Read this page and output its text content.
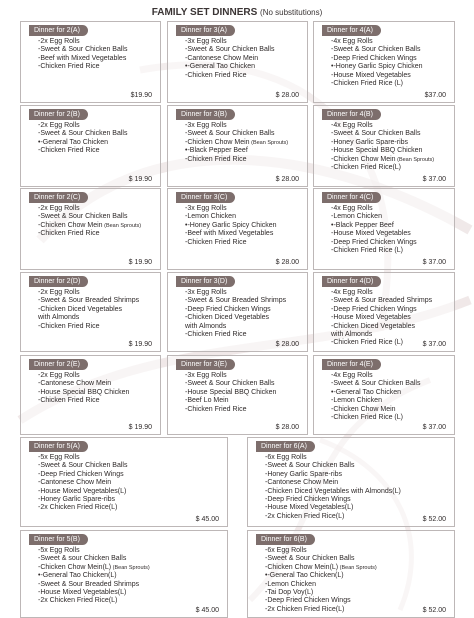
FAMILY SET DINNERS (No substitutions)
Dinner for 2(A)
-2x Egg Rolls
-Sweet & Sour Chicken Balls
-Beef with Mixed Vegetables
-Chicken Fried Rice
$19.90
Dinner for 3(A)
-3x Egg Rolls
-Sweet & Sour Chicken Balls
-Cantonese Chow Mein
•-General Tao Chicken
-Chicken Fried Rice
$ 28.00
Dinner for 4(A)
-4x Egg Rolls
-Sweet & Sour Chicken Balls
-Deep Fried Chicken Wings
•-Honey Garlic Spicy Chicken
-House Mixed Vegetables
-Chicken Fried Rice (L)
$37.00
Dinner for 2(B)
-2x Egg Rolls
-Sweet & Sour Chicken Balls
•-General Tao Chicken
-Chicken Fried Rice
$ 19.90
Dinner for 3(B)
-3x Egg Rolls
-Sweet & Sour Chicken Balls
-Chicken Chow Mein (Bean Sprouts)
•-Black Pepper Beef
-Chicken Fried Rice
$ 28.00
Dinner for 4(B)
-4x Egg Rolls
-Sweet & Sour Chicken Balls
-Honey Garlic Spare-ribs
-House Special BBQ Chicken
-Chicken Chow Mein (Bean Sprouts)
-Chicken Fried Rice(L)
$ 37.00
Dinner for 2(C)
-2x Egg Rolls
-Sweet & Sour Chicken Balls
-Chicken Chow Mein (Bean Sprouts)
-Chicken Fried Rice
$ 19.90
Dinner for 3(C)
-3x Egg Rolls
-Lemon Chicken
•-Honey Garlic Spicy Chicken
-Beef with Mixed Vegetables
-Chicken Fried Rice
$ 28.00
Dinner for 4(C)
-4x Egg Rolls
-Lemon Chicken
•-Black Pepper Beef
-House Mixed Vegetables
-Deep Fried Chicken Wings
-Chicken Fried Rice (L)
$ 37.00
Dinner for 2(D)
-2x Egg Rolls
-Sweet & Sour Breaded Shrimps
-Chicken Diced Vegetables
with Almonds
-Chicken Fried Rice
$ 19.90
Dinner for 3(D)
-3x Egg Rolls
-Sweet & Sour Breaded Shrimps
-Deep Fried Chicken Wings
-Chicken Diced Vegetables
with Almonds
-Chicken Fried Rice
$ 28.00
Dinner for 4(D)
-4x Egg Rolls
-Sweet & Sour Breaded Shrimps
-Deep Fried Chicken Wings
-House Mixed Vegetables
-Chicken Diced Vegetables
with Almonds
-Chicken Fried Rice (L)	$ 37.00
Dinner for 2(E)
-2x Egg Rolls
-Cantonese Chow Mein
-House Special BBQ Chicken
-Chicken Fried Rice
$ 19.90
Dinner for 3(E)
-3x Egg Rolls
-Sweet & Sour Chicken Balls
-House Special BBQ Chicken
-Beef Lo Mein
-Chicken Fried Rice
$ 28.00
Dinner for 4(E)
-4x Egg Rolls
-Sweet & Sour Chicken Balls
•-General Tao Chicken
-Lemon Chicken
-Chicken Chow Mein
-Chicken Fried Rice (L)
$ 37.00
Dinner for 5(A)
-5x Egg Rolls
-Sweet & Sour Chicken Balls
-Deep Fried Chicken Wings
-Cantonese Chow Mein
-House Mixed Vegetables(L)
-Honey Garlic Spare-ribs
-2x Chicken Fried Rice(L)
$ 45.00
Dinner for 6(A)
-6x Egg Rolls
-Sweet & Sour Chicken Balls
-Honey Garlic Spare-ribs
-Cantonese Chow Mein
-Chicken Diced Vegetables with Almonds(L)
-Deep Fried Chicken Wings
-House Mixed Vegetables(L)
-2x Chicken Fried Rice(L)	$ 52.00
Dinner for 5(B)
-5x Egg Rolls
-Sweet & sour Chicken Balls
-Chicken Chow Mein(L) (Bean Sprouts)
•-General Tao Chicken(L)
-Sweet & Sour Breaded Shrimps
-House Mixed Vegetables(L)
-2x Chicken Fried Rice(L)
$ 45.00
Dinner for 6(B)
-6x Egg Rolls
-Sweet & Sour Chicken Balls
-Chicken Chow Mein(L) (Bean Sprouts)
•-General Tao Chicken(L)
-Lemon Chicken
-Tai Dop Voy(L)
-Deep Fried Chicken Wings
-2x Chicken Fried Rice(L)	$ 52.00
